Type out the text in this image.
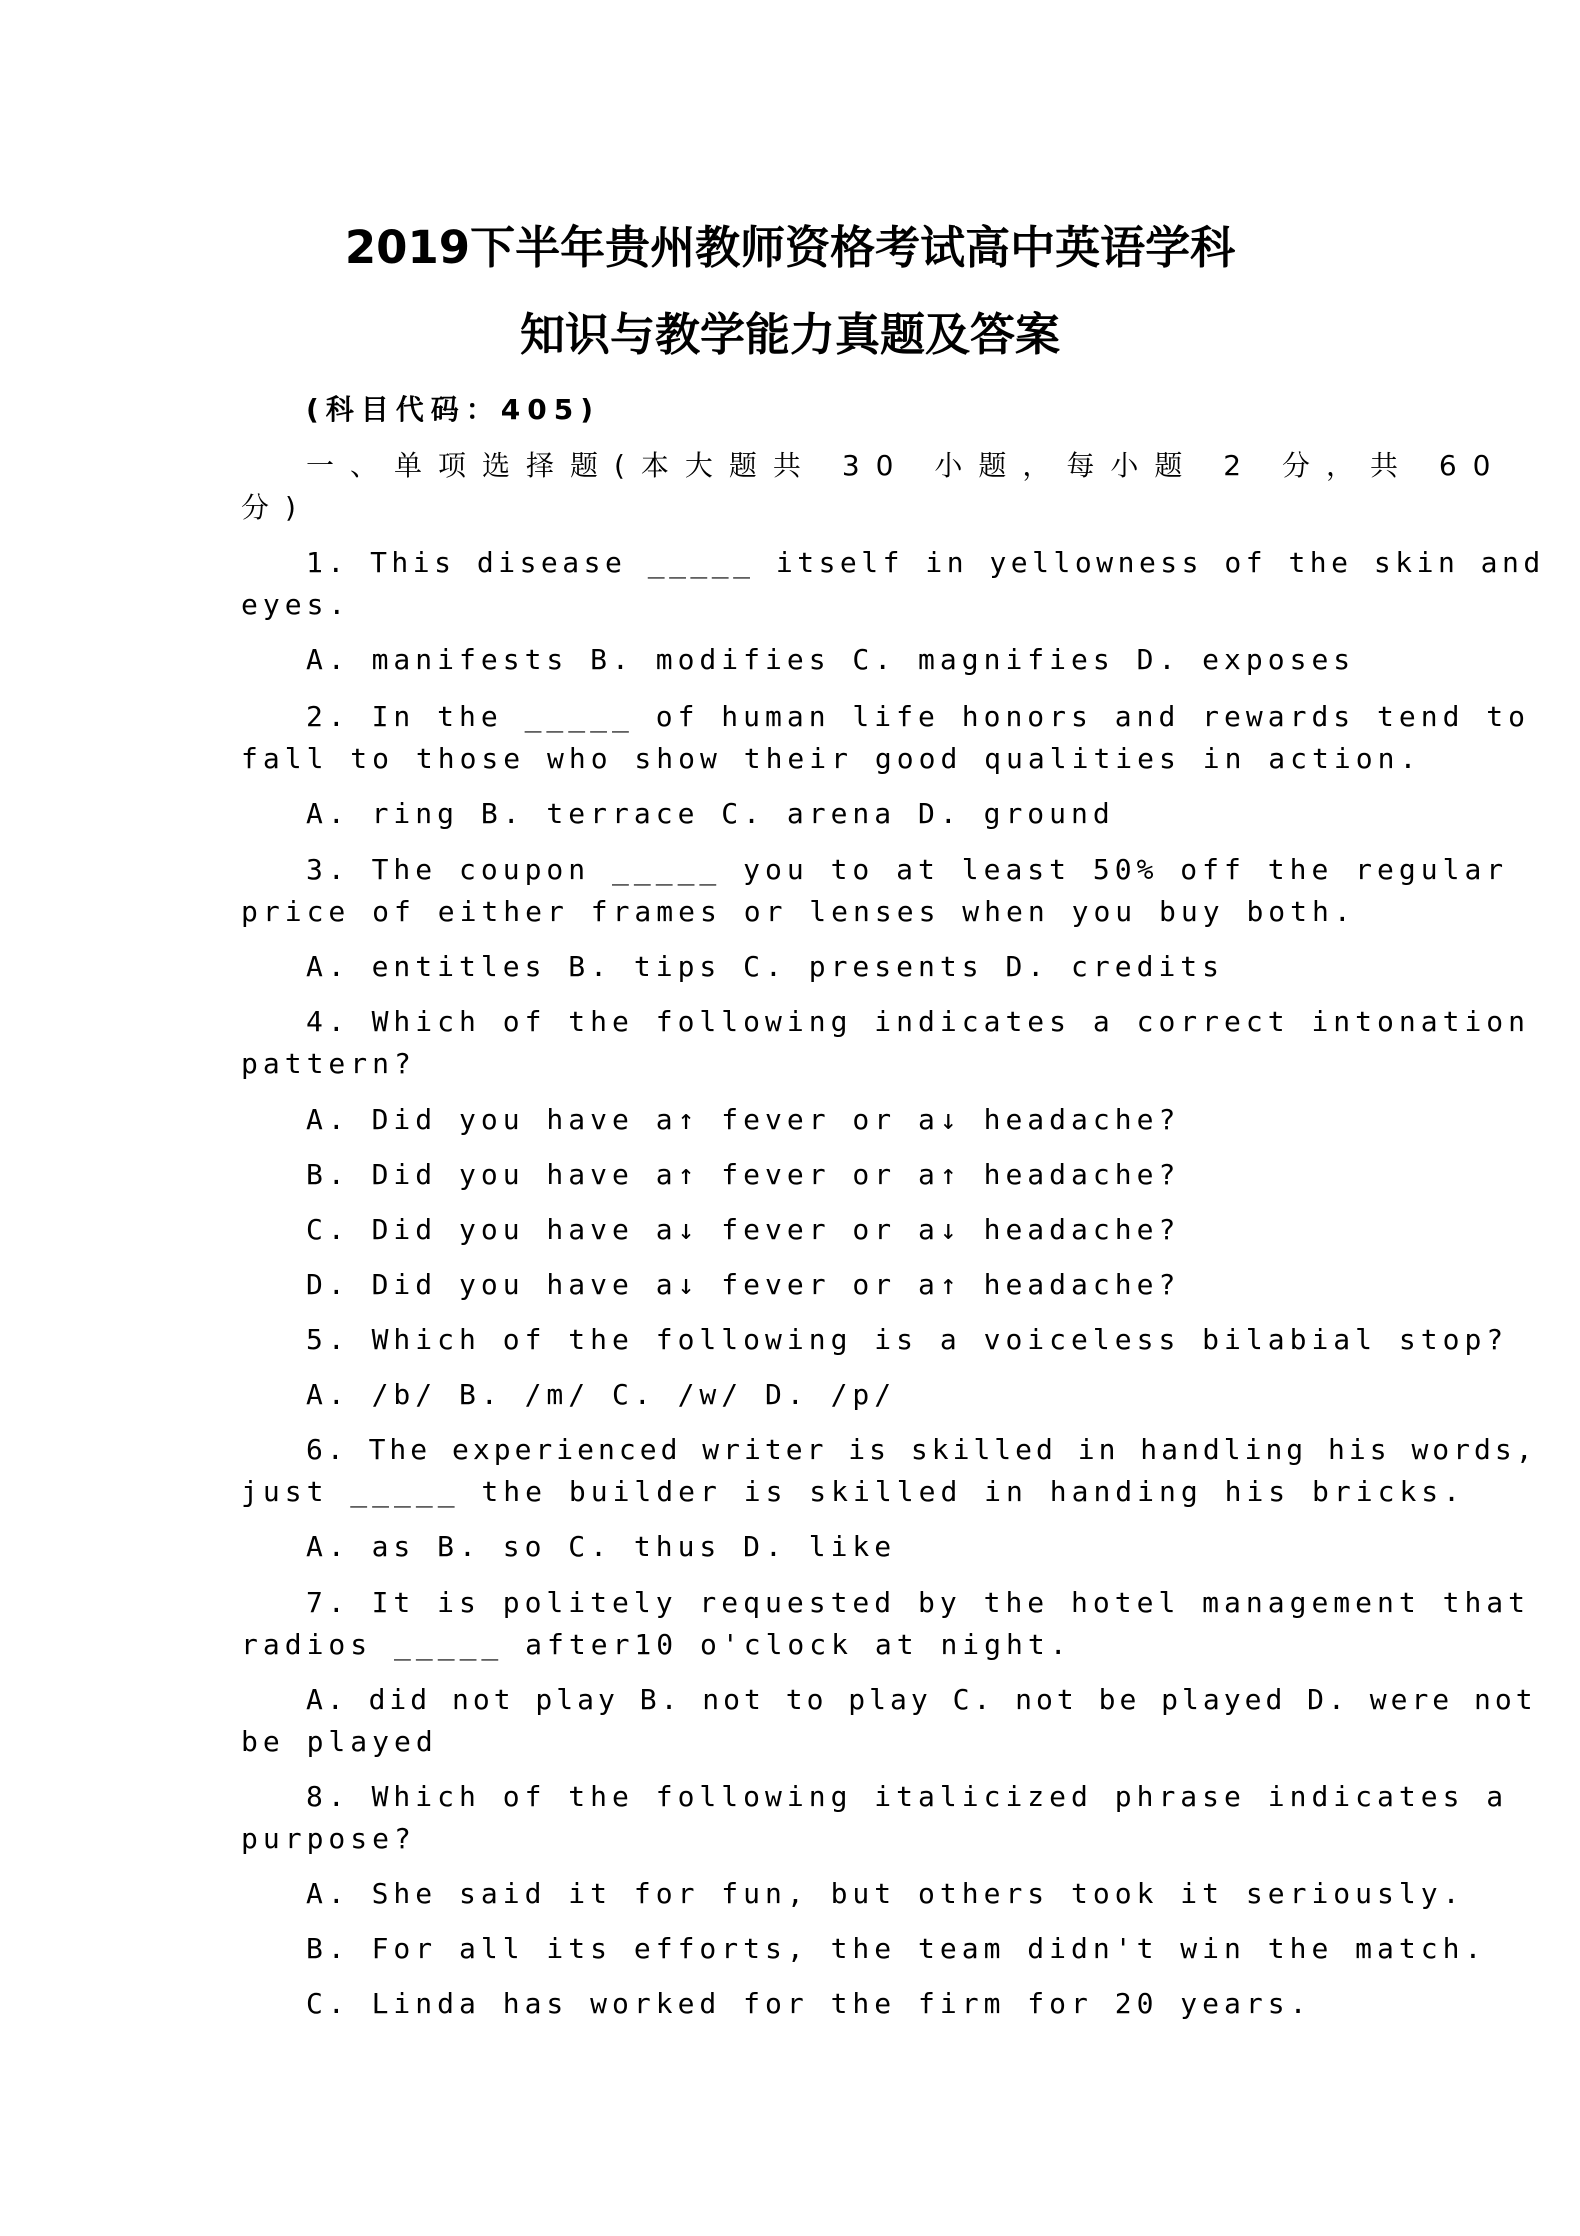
2019下半年贵州教师资格考试高中英语学科
知识与教学能力真题及答案
(科目代码：405)
一、单项选择题(本大题共 30 小题，每小题 2 分，共 60
分)
1. This disease _____ itself in yellowness of the skin and
eyes.
A. manifests B. modifies C. magnifies D. exposes
2. In the _____ of human life honors and rewards tend to
fall to those who show their good qualities in action.
A. ring B. terrace C. arena D. ground
3. The coupon _____ you to at least 50% off the regular
price of either frames or lenses when you buy both.
A. entitles B. tips C. presents D. credits
4. Which of the following indicates a correct intonation
pattern?
A. Did you have a↑ fever or a↓ headache?
B. Did you have a↑ fever or a↑ headache?
C. Did you have a↓ fever or a↓ headache?
D. Did you have a↓ fever or a↑ headache?
5. Which of the following is a voiceless bilabial stop?
A. /b/ B. /m/ C. /w/ D. /p/
6. The experienced writer is skilled in handling his words,
just _____ the builder is skilled in handing his bricks.
A. as B. so C. thus D. like
7. It is politely requested by the hotel management that
radios _____ after10 o'clock at night.
A. did not play B. not to play C. not be played D. were not
be played
8. Which of the following italicized phrase indicates a
purpose?
A. She said it for fun, but others took it seriously.
B. For all its efforts, the team didn't win the match.
C. Linda has worked for the firm for 20 years.
